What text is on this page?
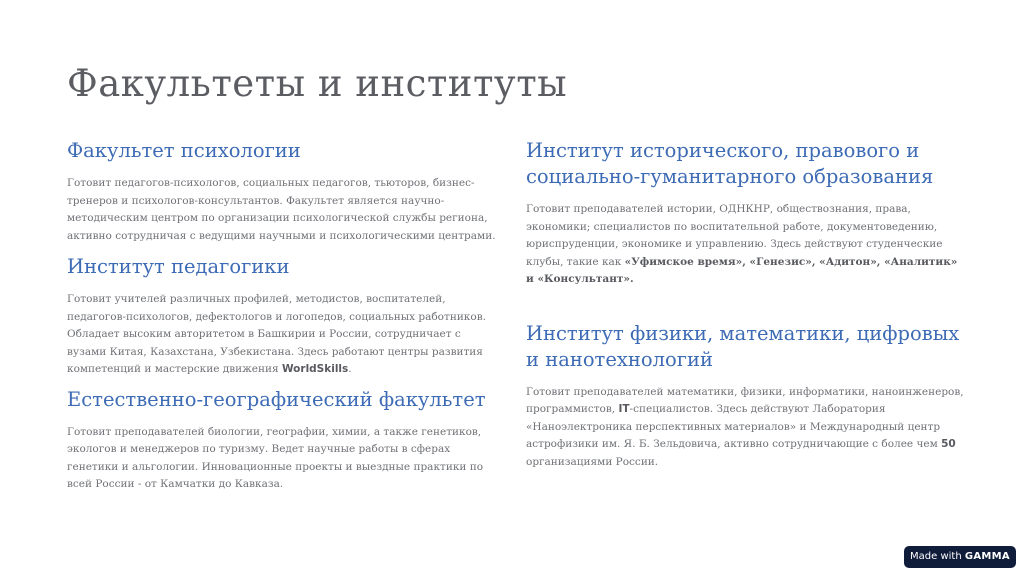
Факультеты и институты
Факультет психологии

Готовит педагогов-психологов, социальных педагогов, тьюторов, бизнес-тренеров и психологов-консультантов. Факультет является научно-методическим центром по организации психологической службы региона, активно сотрудничая с ведущими научными и психологическими центрами.

Институт педагогики

Готовит учителей различных профилей, методистов, воспитателей, педагогов-психологов, дефектологов и логопедов, социальных работников. Обладает высоким авторитетом в Башкирии и России, сотрудничает с вузами Китая, Казахстана, Узбекистана. Здесь работают центры развития компетенций и мастерские движения WorldSkills.

Естественно-географический факультет

Готовит преподавателей биологии, географии, химии, а также генетиков, экологов и менеджеров по туризму. Ведет научные работы в сферах генетики и альгологии. Инновационные проекты и выездные практики по всей России - от Камчатки до Кавказа.

Институт исторического, правового и социально-гуманитарного образования

Готовит преподавателей истории, ОДНКНР, обществознания, права, экономики; специалистов по воспитательной работе, документоведению, юриспруденции, экономике и управлению. Здесь действуют студенческие клубы, такие как «Уфимское время», «Генезис», «Адитон», «Аналитик» и «Консультант».

Институт физики, математики, цифровых и нанотехнологий

Готовит преподавателей математики, физики, информатики, наноинженеров, программистов, IT-специалистов. Здесь действуют Лаборатория «Наноэлектроника перспективных материалов» и Международный центр астрофизики им. Я. Б. Зельдовича, активно сотрудничающие с более чем 50 организациями России.

Made with GAMMA
